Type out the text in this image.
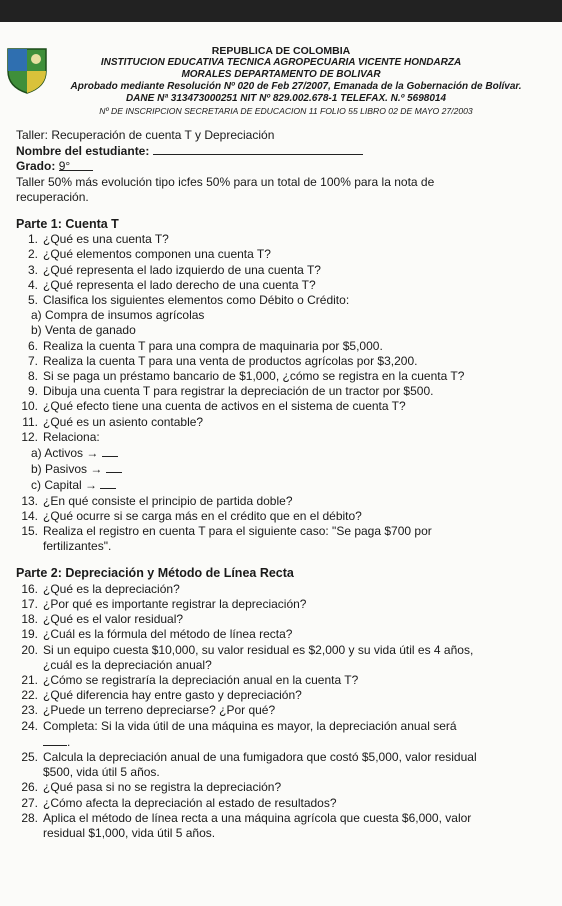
REPUBLICA DE COLOMBIA
INSTITUCION EDUCATIVA TECNICA AGROPECUARIA VICENTE HONDARZA
MORALES DEPARTAMENTO DE BOLIVAR
Aprobado mediante Resolución Nº 020 de Feb 27/2007, Emanada de la Gobernación de Bolívar.
DANE Nª 313473000251 NIT Nº 829.002.678-1 TELEFAX. N.º 5698014
Nº DE INSCRIPCION SECRETARIA DE EDUCACION 11 FOLIO 55 LIBRO 02 DE MAYO 27/2003

Taller: Recuperación de cuenta T y Depreciación

Nombre del estudiante:

Grado: 9°

Taller 50% más evolución tipo icfes 50% para un total de 100% para la nota de

recuperación.

Parte 1: Cuenta T

1. ¿Qué es una cuenta T?
2. ¿Qué elementos componen una cuenta T?
3. ¿Qué representa el lado izquierdo de una cuenta T?
4. ¿Qué representa el lado derecho de una cuenta T?
5. Clasifica los siguientes elementos como Débito o Crédito:
a) Compra de insumos agrícolas
b) Venta de ganado
6. Realiza la cuenta T para una compra de maquinaria por $5,000.
7. Realiza la cuenta T para una venta de productos agrícolas por $3,200.
8. Si se paga un préstamo bancario de $1,000, ¿cómo se registra en la cuenta T?
9. Dibuja una cuenta T para registrar la depreciación de un tractor por $500.
10. ¿Qué efecto tiene una cuenta de activos en el sistema de cuenta T?
11. ¿Qué es un asiento contable?
12. Relaciona:
a) Activos →
b) Pasivos →
c) Capital →
13. ¿En qué consiste el principio de partida doble?
14. ¿Qué ocurre si se carga más en el crédito que en el débito?
15. Realiza el registro en cuenta T para el siguiente caso: "Se paga $700 por
fertilizantes".

Parte 2: Depreciación y Método de Línea Recta

16. ¿Qué es la depreciación?
17. ¿Por qué es importante registrar la depreciación?
18. ¿Qué es el valor residual?
19. ¿Cuál es la fórmula del método de línea recta?
20. Si un equipo cuesta $10,000, su valor residual es $2,000 y su vida útil es 4 años,
¿cuál es la depreciación anual?
21. ¿Cómo se registraría la depreciación anual en la cuenta T?
22. ¿Qué diferencia hay entre gasto y depreciación?
23. ¿Puede un terreno depreciarse? ¿Por qué?
24. Completa: Si la vida útil de una máquina es mayor, la depreciación anual será
.
25. Calcula la depreciación anual de una fumigadora que costó $5,000, valor residual
$500, vida útil 5 años.
26. ¿Qué pasa si no se registra la depreciación?
27. ¿Cómo afecta la depreciación al estado de resultados?
28. Aplica el método de línea recta a una máquina agrícola que cuesta $6,000, valor
residual $1,000, vida útil 5 años.
